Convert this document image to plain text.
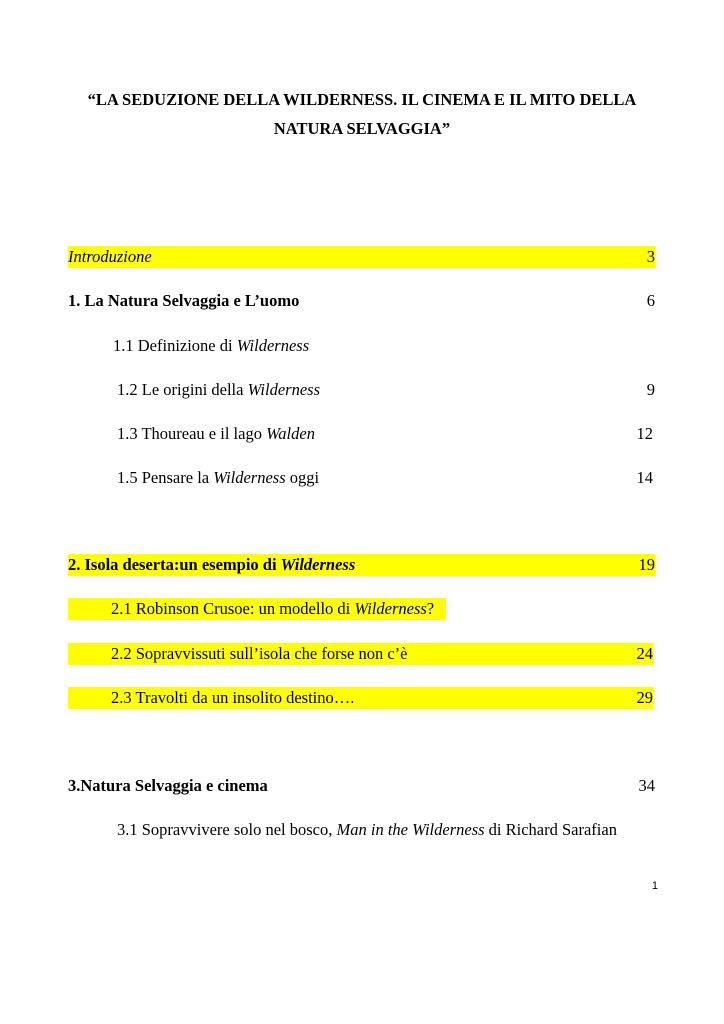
“LA SEDUZIONE DELLA WILDERNESS. IL CINEMA E IL MITO DELLA
NATURA SELVAGGIA”
Introduzione	3
1. La Natura Selvaggia e L’uomo	6
1.1 Definizione di Wilderness
1.2 Le origini della Wilderness	9
1.3 Thoureau e il lago Walden	12
1.5 Pensare la Wilderness oggi	14
2. Isola deserta:un esempio di Wilderness	19
2.1 Robinson Crusoe: un modello di Wilderness?
2.2 Sopravvissuti sull’isola che forse non c’è	24
2.3 Travolti da un insolito destino….	29
3.Natura Selvaggia e cinema	34
3.1 Sopravvivere solo nel bosco, Man in the Wilderness di Richard Sarafian
1
